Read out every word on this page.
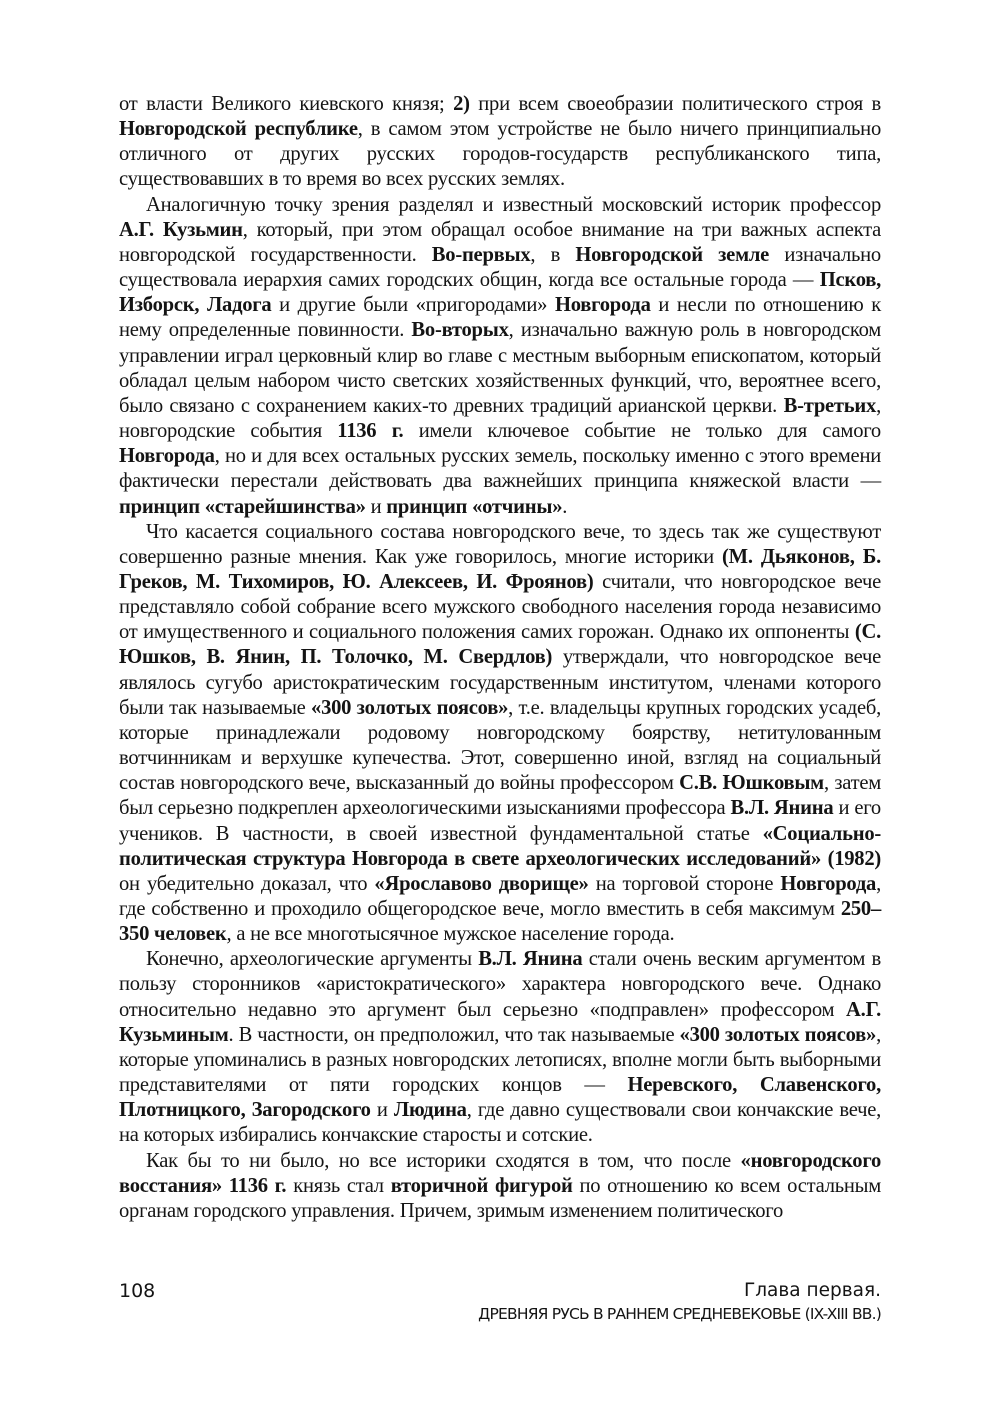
от власти Великого киевского князя; 2) при всем своеобразии политического строя в Новгородской республике, в самом этом устройстве не было ничего принципиально отличного от других русских городов-государств республиканского типа, существовавших в то время во всех русских землях.

Аналогичную точку зрения разделял и известный московский историк профессор А.Г. Кузьмин, который, при этом обращал особое внимание на три важных аспекта новгородской государственности. Во-первых, в Новгородской земле изначально существовала иерархия самих городских общин, когда все остальные города — Псков, Изборск, Ладога и другие были «пригородами» Новгорода и несли по отношению к нему определенные повинности. Во-вторых, изначально важную роль в новгородском управлении играл церковный клир во главе с местным выборным епископатом, который обладал целым набором чисто светских хозяйственных функций, что, вероятнее всего, было связано с сохранением каких-то древних традиций арианской церкви. В-третьих, новгородские события 1136 г. имели ключевое событие не только для самого Новгорода, но и для всех остальных русских земель, поскольку именно с этого времени фактически перестали действовать два важнейших принципа княжеской власти — принцип «старейшинства» и принцип «отчины».

Что касается социального состава новгородского вече, то здесь так же существуют совершенно разные мнения. Как уже говорилось, многие историки (М. Дьяконов, Б. Греков, М. Тихомиров, Ю. Алексеев, И. Фроянов) считали, что новгородское вече представляло собой собрание всего мужского свободного населения города независимо от имущественного и социального положения самих горожан. Однако их оппоненты (С. Юшков, В. Янин, П. Толочко, М. Свердлов) утверждали, что новгородское вече являлось сугубо аристократическим государственным институтом, членами которого были так называемые «300 золотых поясов», т.е. владельцы крупных городских усадеб, которые принадлежали родовому новгородскому боярству, нетитулованным вотчинникам и верхушке купечества. Этот, совершенно иной, взгляд на социальный состав новгородского вече, высказанный до войны профессором С.В. Юшковым, затем был серьезно подкреплен археологическими изысканиями профессора В.Л. Янина и его учеников. В частности, в своей известной фундаментальной статье «Социально-политическая структура Новгорода в свете археологических исследований» (1982) он убедительно доказал, что «Ярославово дворище» на торговой стороне Новгорода, где собственно и проходило общегородское вече, могло вместить в себя максимум 250–350 человек, а не все многотысячное мужское население города.

Конечно, археологические аргументы В.Л. Янина стали очень веским аргументом в пользу сторонников «аристократического» характера новгородского вече. Однако относительно недавно это аргумент был серьезно «подправлен» профессором А.Г. Кузьминым. В частности, он предположил, что так называемые «300 золотых поясов», которые упоминались в разных новгородских летописях, вполне могли быть выборными представителями от пяти городских концов — Неревского, Славенского, Плотницкого, Загородского и Людина, где давно существовали свои кончакские вече, на которых избирались кончакские старосты и сотские.

Как бы то ни было, но все историки сходятся в том, что после «новгородского восстания» 1136 г. князь стал вторичной фигурой по отношению ко всем остальным органам городского управления. Причем, зримым изменением политического

108	Глава первая.
ДРЕВНЯЯ РУСЬ В РАННЕМ СРЕДНЕВЕКОВЬЕ (IX-XIII ВВ.)
